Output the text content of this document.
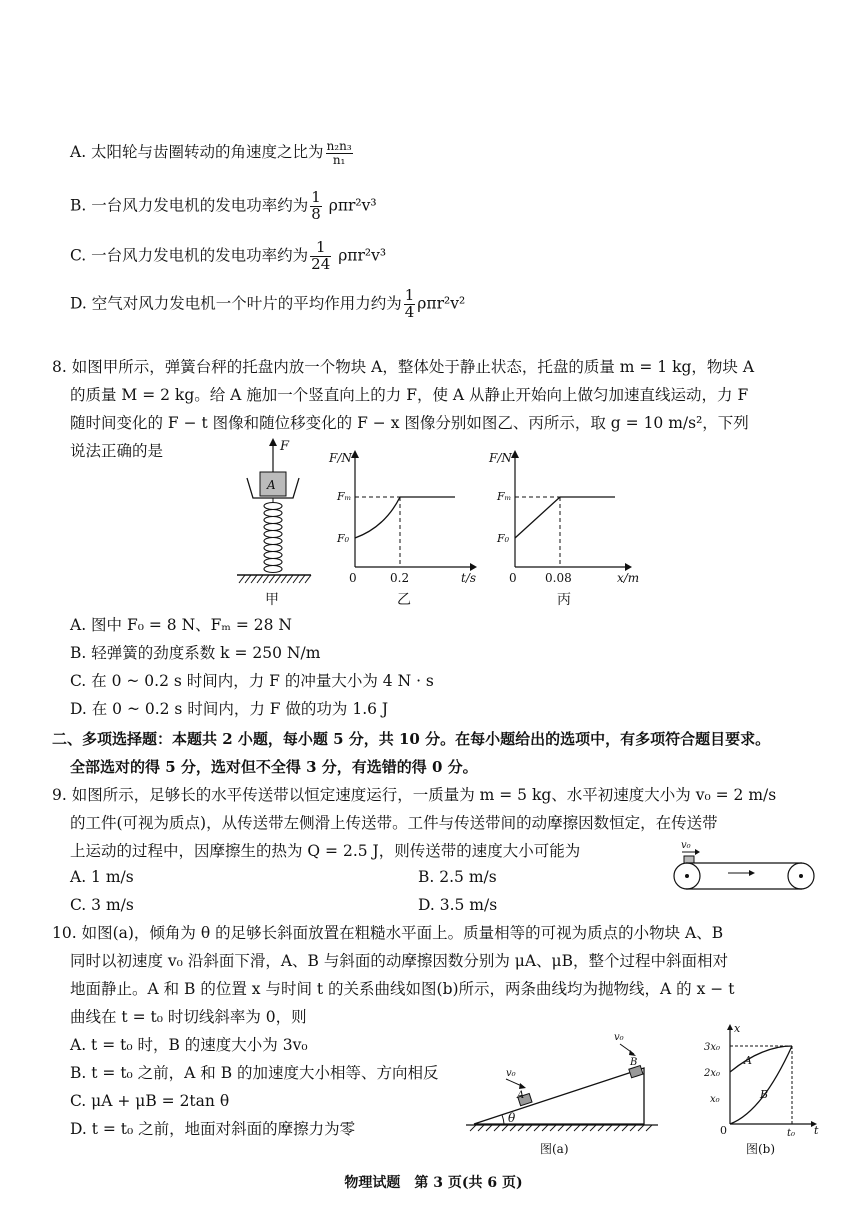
A. 太阳轮与齿圈转动的角速度之比为 $\frac{\text{n₂n₃}}{\text{n₁}}$
B. 一台风力发电机的发电功率约为 $\frac{1}{8} \rho\pi r^2v^3$
C. 一台风力发电机的发电功率约为 $\frac{1}{24} \rho\pi r^2v^3$
D. 空气对风力发电机一个叶片的平均作用力约为 $\frac{1}{4} \rho\pi r^2v^2$
8. 如图甲所示，弹簧台秤的托盘内放一个物块 A，整体处于静止状态，托盘的质量 m = 1 kg，物块 A
的质量 M = 2 kg。给 A 施加一个竖直向上的力 F，使 A 从静止开始向上做匀加速直线运动，力 F
随时间变化的 F − t 图像和随位移变化的 F − x 图像分别如图乙、丙所示，取 g = 10 m/s²，下列
说法正确的是	F
A
甲
F/N
Fₘ
F₀
0	0.2	t/s
乙
F/N
Fₘ
F₀
0 0.08	x/m
丙
A. 图中 F₀ = 8 N、Fₘ = 28 N
B. 轻弹簧的劲度系数 k = 250 N/m
C. 在 0 ~ 0.2 s 时间内，力 F 的冲量大小为 4 N · s
D. 在 0 ~ 0.2 s 时间内，力 F 做的功为 1.6 J
二、多项选择题：本题共 2 小题，每小题 5 分，共 10 分。在每小题给出的选项中，有多项符合题目要求。
全部选对的得 5 分，选对但不全得 3 分，有选错的得 0 分。
9. 如图所示，足够长的水平传送带以恒定速度运行，一质量为 m = 5 kg、水平初速度大小为 v₀ = 2 m/s
的工件(可视为质点)，从传送带左侧滑上传送带。工件与传送带间的动摩擦因数恒定，在传送带
上运动的过程中，因摩擦生的热为 Q = 2.5 J，则传送带的速度大小可能为
A. 1 m/s	B. 2.5 m/s
C. 3 m/s	D. 3.5 m/s
v₀
10. 如图(a)，倾角为 θ 的足够长斜面放置在粗糙水平面上。质量相等的可视为质点的小物块 A、B
同时以初速度 v₀ 沿斜面下滑，A、B 与斜面的动摩擦因数分别为 μA、μB，整个过程中斜面相对
地面静止。A 和 B 的位置 x 与时间 t 的关系曲线如图(b)所示，两条曲线均为抛物线，A 的 x − t
曲线在 t = t₀ 时切线斜率为 0，则
A. t = t₀ 时，B 的速度大小为 3v₀
B. t = t₀ 之前，A 和 B 的加速度大小相等、方向相反
C. μA + μB = 2tan θ
D. t = t₀ 之前，地面对斜面的摩擦力为零
θ
A
v₀
B
v₀
图(a)
t
x
3x₀
2x₀
x₀
0	t₀
A
B
图(b)
物理试题　第 3 页(共 6 页)
